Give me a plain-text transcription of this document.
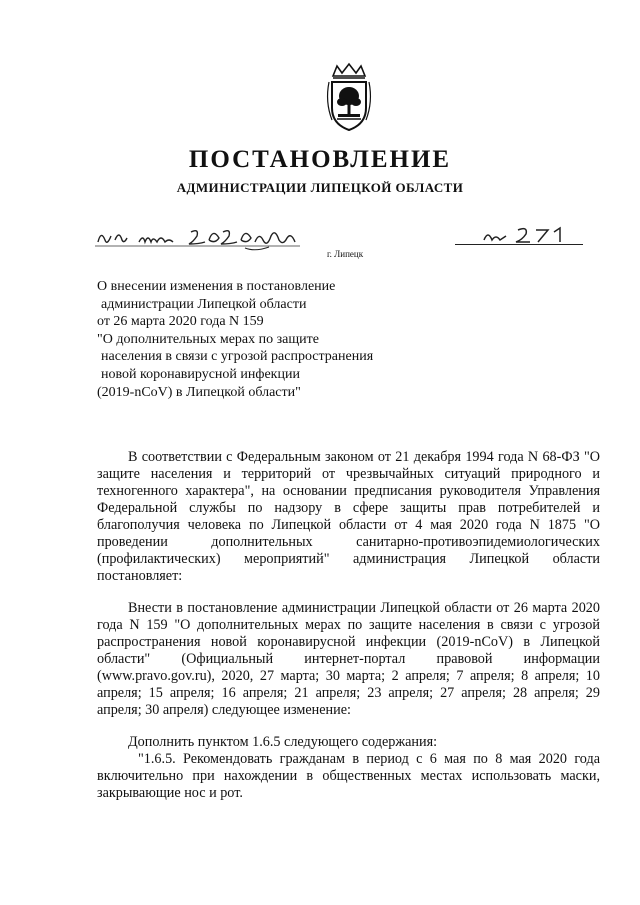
ПОСТАНОВЛЕНИЕ
АДМИНИСТРАЦИИ ЛИПЕЦКОЙ ОБЛАСТИ
г. Липецк
О внесении изменения в постановление
администрации Липецкой области
от 26 марта 2020 года N 159
"О дополнительных мерах по защите
населения в связи с угрозой распространения
новой коронавирусной инфекции
(2019-nCoV) в Липецкой области"

В соответствии с Федеральным законом от 21 декабря 1994 года N 68-ФЗ "О защите населения и территорий от чрезвычайных ситуаций природного и техногенного характера", на основании предписания руководителя Управления Федеральной службы по надзору в сфере защиты прав потребителей и благополучия человека по Липецкой области от 4 мая 2020 года N 1875 "О проведении дополнительных санитарно-противоэпидемиологических (профилактических) мероприятий" администрация Липецкой области постановляет:

Внести в постановление администрации Липецкой области от 26 марта 2020 года N 159 "О дополнительных мерах по защите населения в связи с угрозой распространения новой коронавирусной инфекции (2019-nCoV) в Липецкой области" (Официальный интернет-портал правовой информации (www.pravo.gov.ru), 2020, 27 марта; 30 марта; 2 апреля; 7 апреля; 8 апреля; 10 апреля; 15 апреля; 16 апреля; 21 апреля; 23 апреля; 27 апреля; 28 апреля; 29 апреля; 30 апреля) следующее изменение:

Дополнить пунктом 1.6.5 следующего содержания:

"1.6.5. Рекомендовать гражданам в период с 6 мая по 8 мая 2020 года включительно при нахождении в общественных местах использовать маски, закрывающие нос и рот.
